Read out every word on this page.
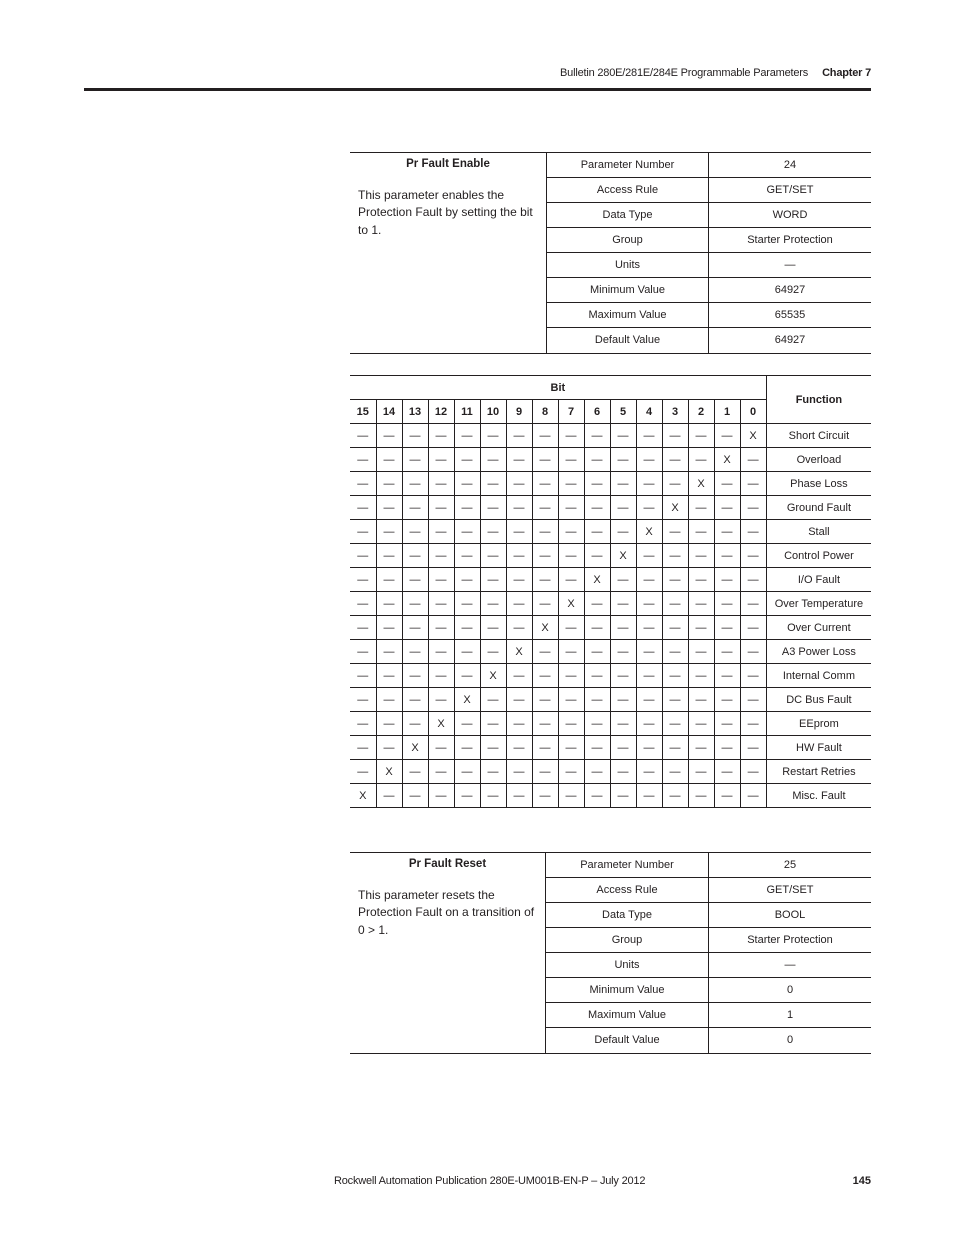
Bulletin 280E/281E/284E Programmable Parameters Chapter 7
Pr Fault Enable
This parameter enables the Protection Fault by setting the bit to 1.
Parameter Number	24
Access Rule	GET/SET
Data Type	WORD
Group	Starter Protection
Units	—
Minimum Value	64927
Maximum Value	65535
Default Value	64927
Bit																Function
15	14	13	12	11	10	9	8	7	6	5	4	3	2	1	0	
—	—	—	—	—	—	—	—	—	—	—	—	—	—	—	X	Short Circuit
—	—	—	—	—	—	—	—	—	—	—	—	—	—	X	—	Overload
—	—	—	—	—	—	—	—	—	—	—	—	—	X	—	—	Phase Loss
—	—	—	—	—	—	—	—	—	—	—	—	X	—	—	—	Ground Fault
—	—	—	—	—	—	—	—	—	—	—	X	—	—	—	—	Stall
—	—	—	—	—	—	—	—	—	—	X	—	—	—	—	—	Control Power
—	—	—	—	—	—	—	—	—	X	—	—	—	—	—	—	I/O Fault
—	—	—	—	—	—	—	—	X	—	—	—	—	—	—	—	Over Temperature
—	—	—	—	—	—	—	X	—	—	—	—	—	—	—	—	Over Current
—	—	—	—	—	—	X	—	—	—	—	—	—	—	—	—	A3 Power Loss
—	—	—	—	—	X	—	—	—	—	—	—	—	—	—	—	Internal Comm
—	—	—	—	X	—	—	—	—	—	—	—	—	—	—	—	DC Bus Fault
—	—	—	X	—	—	—	—	—	—	—	—	—	—	—	—	EEprom
—	—	X	—	—	—	—	—	—	—	—	—	—	—	—	—	HW Fault
—	X	—	—	—	—	—	—	—	—	—	—	—	—	—	—	Restart Retries
X	—	—	—	—	—	—	—	—	—	—	—	—	—	—	—	Misc. Fault
Pr Fault Reset
This parameter resets the Protection Fault on a transition of 0 > 1.
Parameter Number	25
Access Rule	GET/SET
Data Type	BOOL
Group	Starter Protection
Units	—
Minimum Value	0
Maximum Value	1
Default Value	0
Rockwell Automation Publication 280E-UM001B-EN-P – July 2012	145
